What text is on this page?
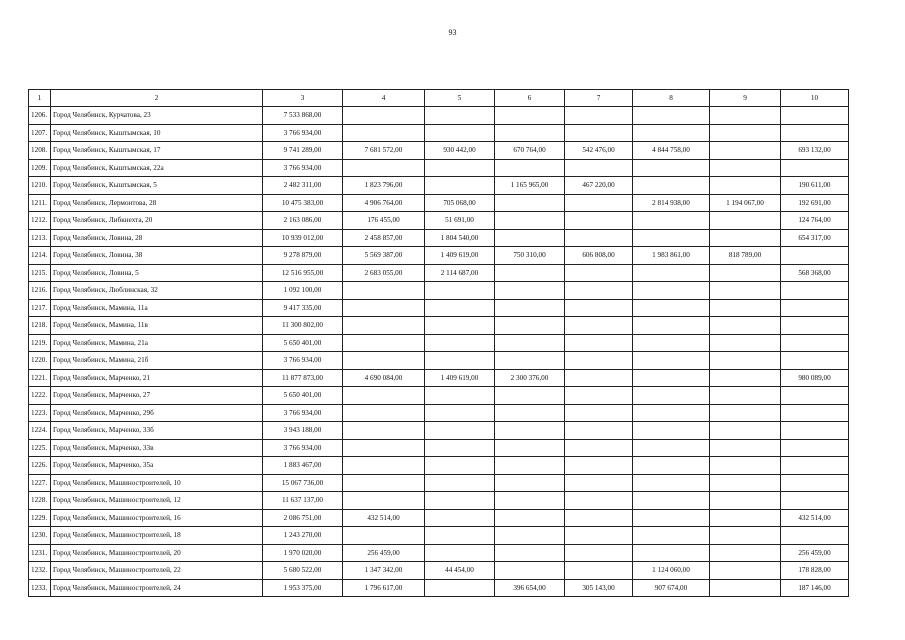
93
1	2	3	4	5	6	7	8	9	10
1206.	Город Челябинск, Курчатова, 23	7 533 868,00							
1207.	Город Челябинск, Кыштымская, 10	3 766 934,00							
1208.	Город Челябинск, Кыштымская, 17	9 741 289,00	7 681 572,00	930 442,00	670 764,00	542 476,00	4 844 758,00		693 132,00
1209.	Город Челябинск, Кыштымская, 22а	3 766 934,00							
1210.	Город Челябинск, Кыштымская, 5	2 482 311,00	1 823 796,00		1 165 965,00	467 220,00			190 611,00
1211.	Город Челябинск, Лермонтова, 28	10 475 383,00	4 906 764,00	705 068,00			2 814 938,00	1 194 067,00	192 691,00
1212.	Город Челябинск, Либкнехта, 20	2 163 086,00	176 455,00	51 691,00					124 764,00
1213.	Город Челябинск, Ловина, 28	10 939 012,00	2 458 857,00	1 804 540,00					654 317,00
1214.	Город Челябинск, Ловина, 38	9 278 879,00	5 569 387,00	1 409 619,00	750 310,00	606 808,00	1 983 861,00	818 789,00	
1215.	Город Челябинск, Ловина, 5	12 516 955,00	2 683 055,00	2 114 687,00					568 368,00
1216.	Город Челябинск, Люблинская, 32	1 092 100,00							
1217.	Город Челябинск, Мамина, 11а	9 417 335,00							
1218.	Город Челябинск, Мамина, 11в	11 300 802,00							
1219.	Город Челябинск, Мамина, 21а	5 650 401,00							
1220.	Город Челябинск, Мамина, 21б	3 766 934,00							
1221.	Город Челябинск, Марченко, 21	11 877 873,00	4 690 084,00	1 409 619,00	2 300 376,00				980 089,00
1222.	Город Челябинск, Марченко, 27	5 650 401,00							
1223.	Город Челябинск, Марченко, 29б	3 766 934,00							
1224.	Город Челябинск, Марченко, 33б	3 943 188,00							
1225.	Город Челябинск, Марченко, 33в	3 766 934,00							
1226.	Город Челябинск, Марченко, 35а	1 883 467,00							
1227.	Город Челябинск, Машиностроителей, 10	15 067 736,00							
1228.	Город Челябинск, Машиностроителей, 12	11 637 137,00							
1229.	Город Челябинск, Машиностроителей, 16	2 086 751,00	432 514,00						432 514,00
1230.	Город Челябинск, Машиностроителей, 18	1 243 270,00							
1231.	Город Челябинск, Машиностроителей, 20	1 970 020,00	256 459,00						256 459,00
1232.	Город Челябинск, Машиностроителей, 22	5 680 522,00	1 347 342,00	44 454,00			1 124 060,00		178 828,00
1233.	Город Челябинск, Машиностроителей, 24	1 953 375,00	1 796 617,00		396 654,00	305 143,00	907 674,00		187 146,00
